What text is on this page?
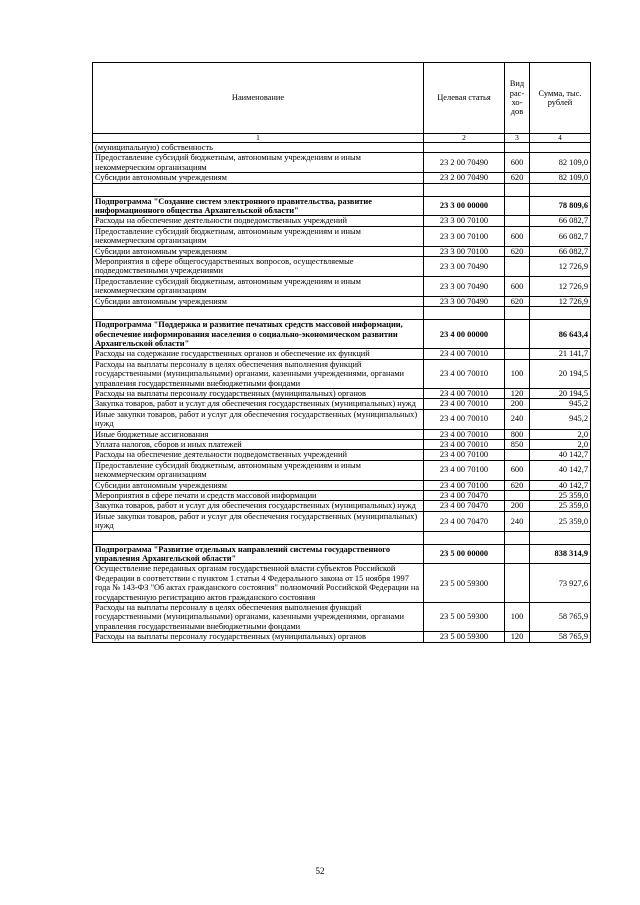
Наименование	Целевая статья	Вид рас-хо-дов	Сумма, тыс. рублей
1	2	3	4
(муниципальную) собственность			
Предоставление субсидий бюджетным, автономным учреждениям и иным некоммерческим организациям	23 2 00 70490	600	82 109,0
Субсидии автономным учреждениям	23 2 00 70490	620	82 109,0

Подпрограмма "Создание систем электронного правительства, развитие информационного общества Архангельской области"	23 3 00 00000		78 809,6
Расходы на обеспечение деятельности подведомственных учреждений	23 3 00 70100		66 082,7
Предоставление субсидий бюджетным, автономным учреждениям и иным некоммерческим организациям	23 3 00 70100	600	66 082,7
Субсидии автономным учреждениям	23 3 00 70100	620	66 082,7
Мероприятия в сфере общегосударственных вопросов, осуществляемые подведомственными учреждениями	23 3 00 70490		12 726,9
Предоставление субсидий бюджетным, автономным учреждениям и иным некоммерческим организациям	23 3 00 70490	600	12 726,9
Субсидии автономным учреждениям	23 3 00 70490	620	12 726,9

Подпрограмма "Поддержка и развитие печатных средств массовой информации, обеспечение информирования населения о социально-экономическом развитии Архангельской области"	23 4 00 00000		86 643,4
Расходы на содержание государственных органов и обеспечение их функций	23 4 00 70010		21 141,7
Расходы на выплаты персоналу в целях обеспечения выполнения функций государственными (муниципальными) органами, казенными учреждениями, органами управления государственными внебюджетными фондами	23 4 00 70010	100	20 194,5
Расходы на выплаты персоналу государственных (муниципальных) органов	23 4 00 70010	120	20 194,5
Закупка товаров, работ и услуг для обеспечения государственных (муниципальных) нужд	23 4 00 70010	200	945,2
Иные закупки товаров, работ и услуг для обеспечения государственных (муниципальных) нужд	23 4 00 70010	240	945,2
Иные бюджетные ассигнования	23 4 00 70010	800	2,0
Уплата налогов, сборов и иных платежей	23 4 00 70010	850	2,0
Расходы на обеспечение деятельности подведомственных учреждений	23 4 00 70100		40 142,7
Предоставление субсидий бюджетным, автономным учреждениям и иным некоммерческим организациям	23 4 00 70100	600	40 142,7
Субсидии автономным учреждениям	23 4 00 70100	620	40 142,7
Мероприятия в сфере печати и средств массовой информации	23 4 00 70470		25 359,0
Закупка товаров, работ и услуг для обеспечения государственных (муниципальных) нужд	23 4 00 70470	200	25 359,0
Иные закупки товаров, работ и услуг для обеспечения государственных (муниципальных) нужд	23 4 00 70470	240	25 359,0

Подпрограмма "Развитие отдельных направлений системы государственного управления Архангельской области"	23 5 00 00000		838 314,9
Осуществление переданных органам государственной власти субъектов Российской Федерации в соответствии с пунктом 1 статьи 4 Федерального закона от 15 ноября 1997 года № 143-ФЗ "Об актах гражданского состояния" полномочий Российской Федерации на государственную регистрацию актов гражданского состояния	23 5 00 59300		73 927,6
Расходы на выплаты персоналу в целях обеспечения выполнения функций государственными (муниципальными) органами, казенными учреждениями, органами управления государственными внебюджетными фондами	23 5 00 59300	100	58 765,9
Расходы на выплаты персоналу государственных (муниципальных) органов	23 5 00 59300	120	58 765,9
52
